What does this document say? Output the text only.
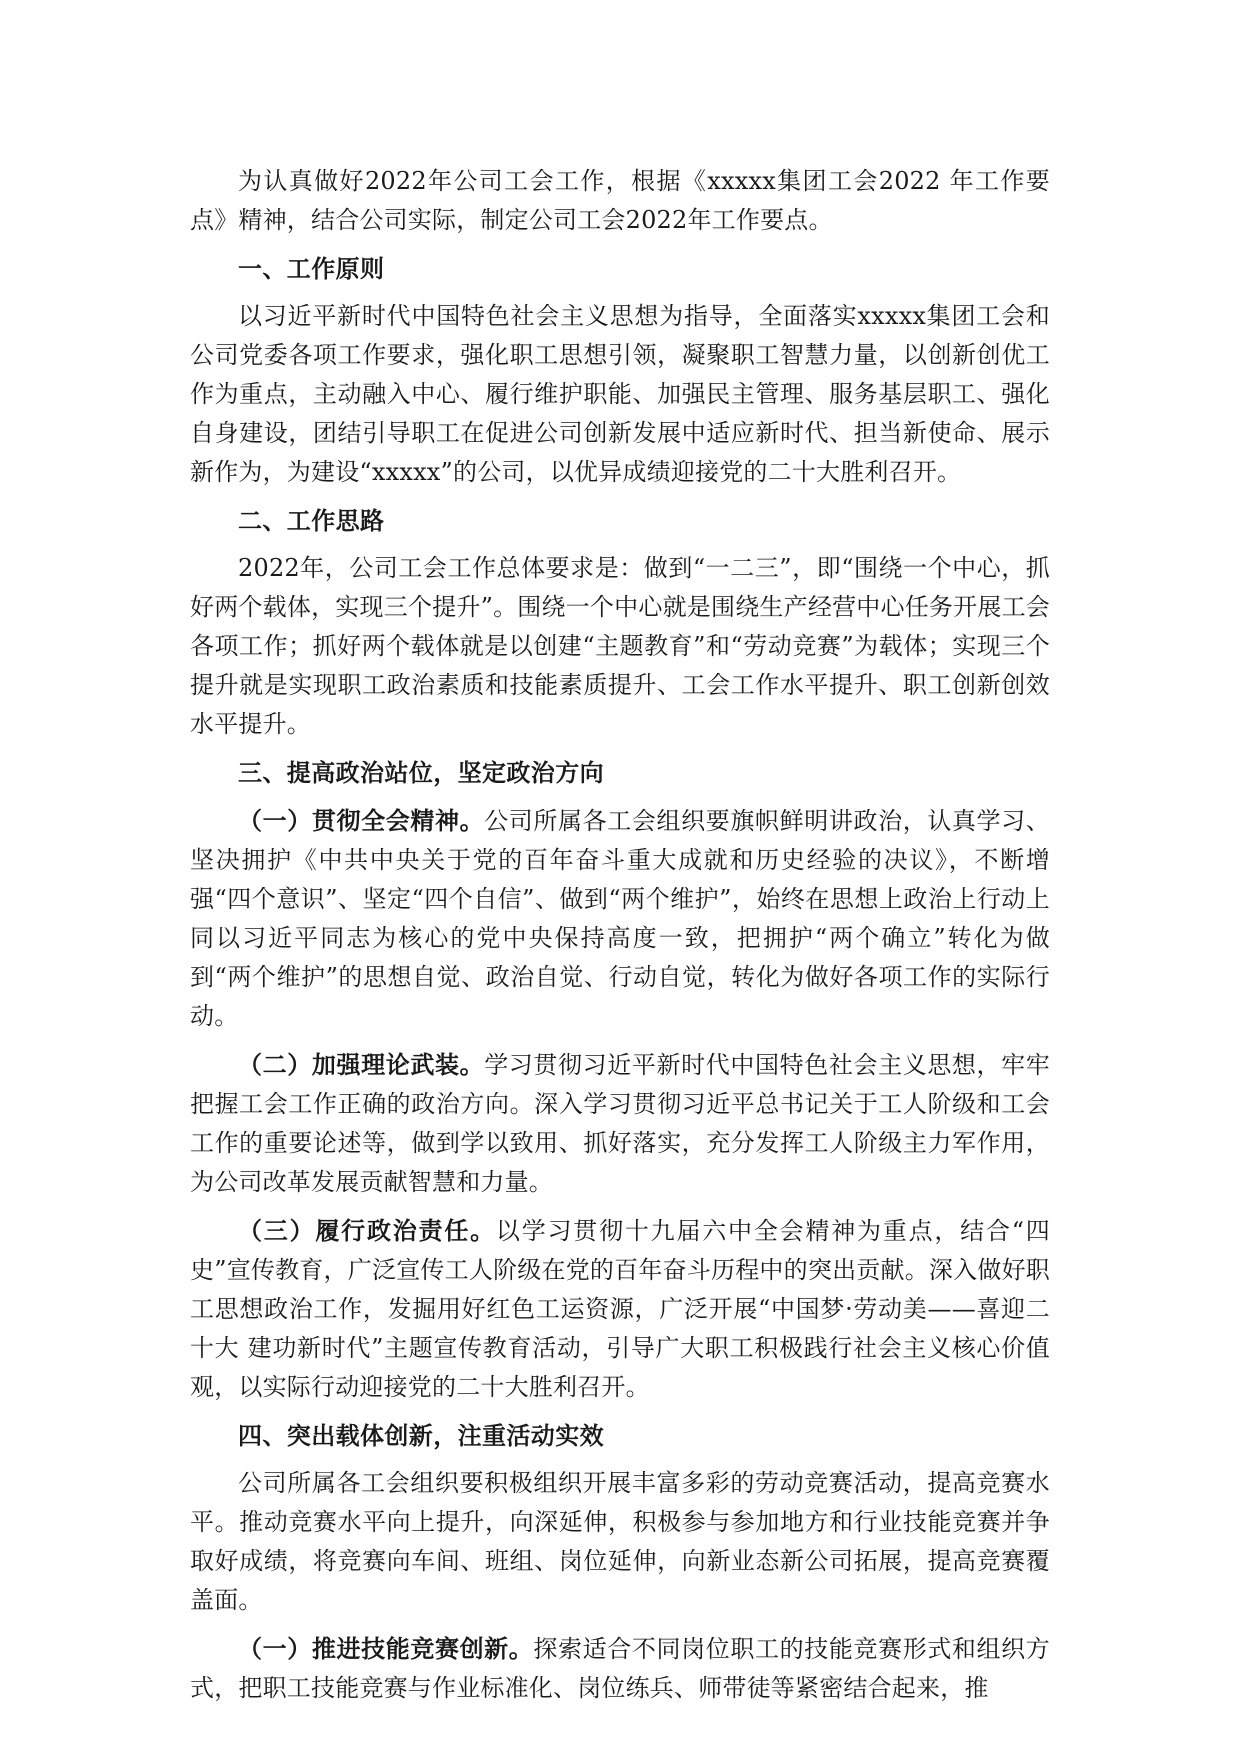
为认真做好2022年公司工会工作，根据《xxxxx集团工会2022 年工作要点》精神，结合公司实际，制定公司工会2022年工作要点。

一、工作原则

以习近平新时代中国特色社会主义思想为指导，全面落实xxxxx集团工会和公司党委各项工作要求，强化职工思想引领，凝聚职工智慧力量，以创新创优工作为重点，主动融入中心、履行维护职能、加强民主管理、服务基层职工、强化自身建设，团结引导职工在促进公司创新发展中适应新时代、担当新使命、展示新作为，为建设“xxxxx”的公司，以优异成绩迎接党的二十大胜利召开。

二、工作思路

2022年，公司工会工作总体要求是：做到“一二三”，即“围绕一个中心，抓好两个载体，实现三个提升”。围绕一个中心就是围绕生产经营中心任务开展工会各项工作；抓好两个载体就是以创建“主题教育”和“劳动竞赛”为载体；实现三个提升就是实现职工政治素质和技能素质提升、工会工作水平提升、职工创新创效水平提升。

三、提高政治站位，坚定政治方向

（一）贯彻全会精神。公司所属各工会组织要旗帜鲜明讲政治，认真学习、坚决拥护《中共中央关于党的百年奋斗重大成就和历史经验的决议》，不断增强“四个意识”、坚定“四个自信”、做到“两个维护”，始终在思想上政治上行动上同以习近平同志为核心的党中央保持高度一致，把拥护“两个确立”转化为做到“两个维护”的思想自觉、政治自觉、行动自觉，转化为做好各项工作的实际行动。

（二）加强理论武装。学习贯彻习近平新时代中国特色社会主义思想，牢牢把握工会工作正确的政治方向。深入学习贯彻习近平总书记关于工人阶级和工会工作的重要论述等，做到学以致用、抓好落实，充分发挥工人阶级主力军作用，为公司改革发展贡献智慧和力量。

（三）履行政治责任。以学习贯彻十九届六中全会精神为重点，结合“四史”宣传教育，广泛宣传工人阶级在党的百年奋斗历程中的突出贡献。深入做好职工思想政治工作，发掘用好红色工运资源，广泛开展“中国梦·劳动美——喜迎二十大 建功新时代”主题宣传教育活动，引导广大职工积极践行社会主义核心价值观，以实际行动迎接党的二十大胜利召开。

四、突出载体创新，注重活动实效

公司所属各工会组织要积极组织开展丰富多彩的劳动竞赛活动，提高竞赛水平。推动竞赛水平向上提升，向深延伸，积极参与参加地方和行业技能竞赛并争取好成绩，将竞赛向车间、班组、岗位延伸，向新业态新公司拓展，提高竞赛覆盖面。

（一）推进技能竞赛创新。探索适合不同岗位职工的技能竞赛形式和组织方式，把职工技能竞赛与作业标准化、岗位练兵、师带徒等紧密结合起来，推
